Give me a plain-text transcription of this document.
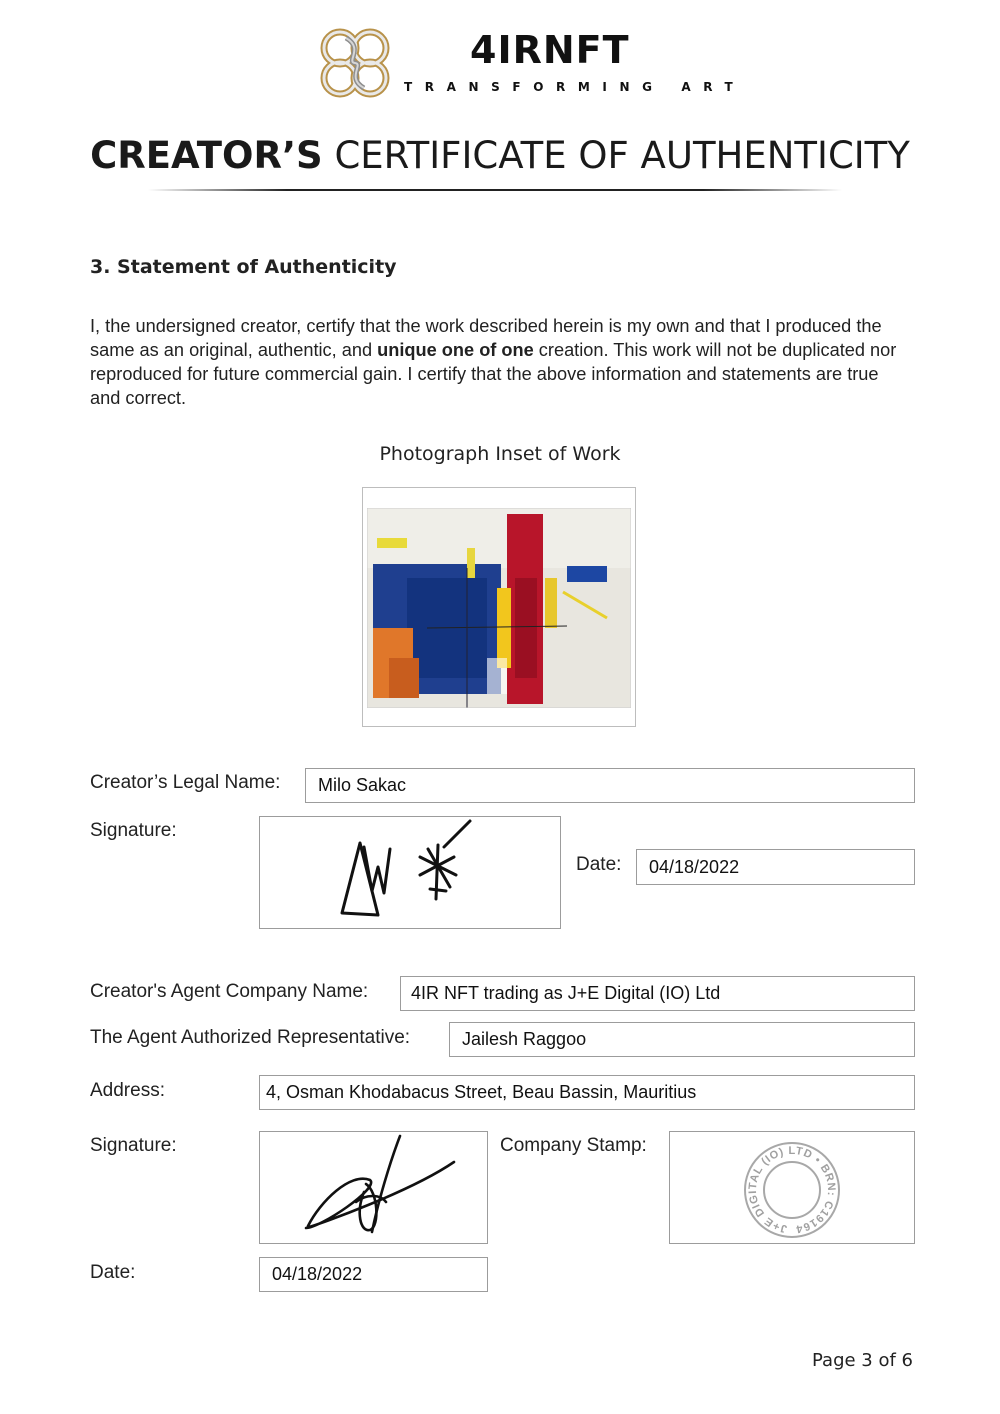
4IRNFT
TRANSFORMING ART
CREATOR’S CERTIFICATE OF AUTHENTICITY
3. Statement of Authenticity
I, the undersigned creator, certify that the work described herein is my own and that I produced the same as an original, authentic, and unique one of one creation. This work will not be duplicated nor reproduced for future commercial gain. I certify that the above information and statements are true and correct.
Photograph Inset of Work
Creator’s Legal Name:	Milo Sakac
Signature:
Date:	04/18/2022
Creator's Agent Company Name:	4IR NFT trading as J+E Digital (IO) Ltd
The Agent Authorized Representative:	Jailesh Raggoo
Address:	4, Osman Khodabacus Street, Beau Bassin, Mauritius
Signature:	Company Stamp:
J+E DIGITAL (IO) LTD • BRN: C19164
Date:	04/18/2022
Page 3 of 6
